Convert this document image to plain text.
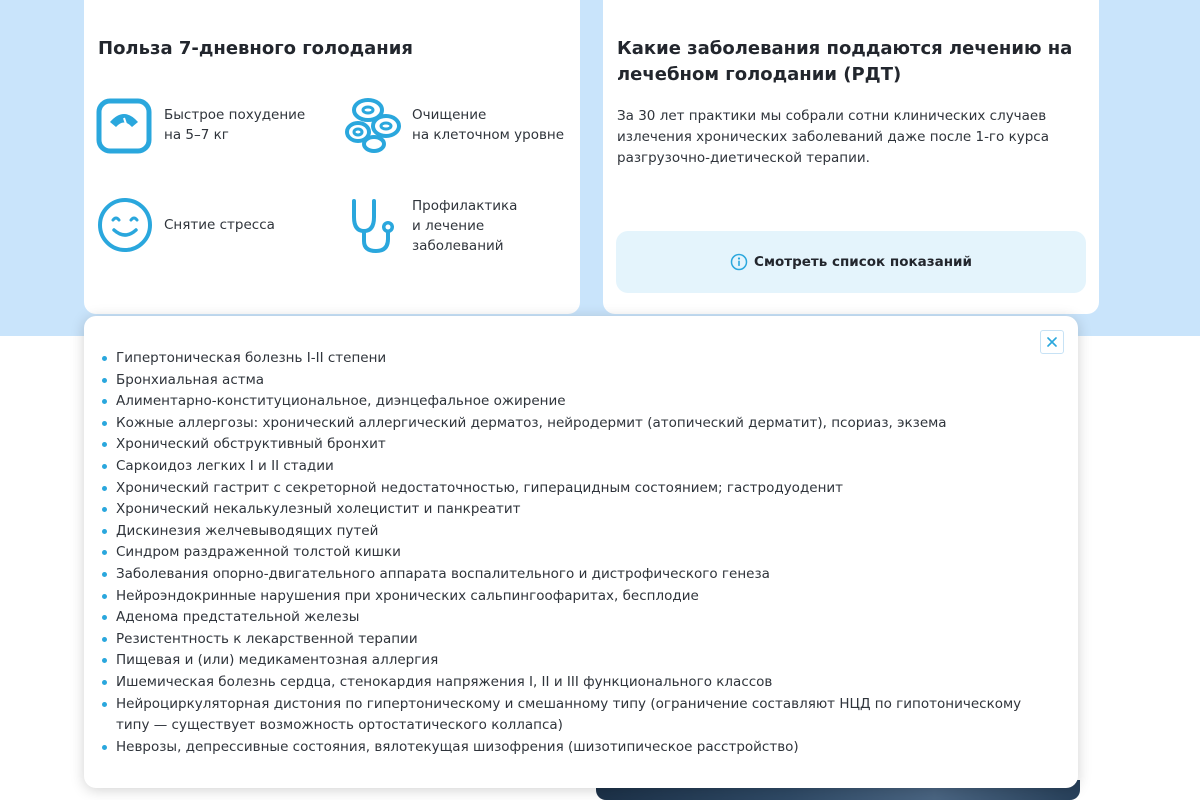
Польза 7-дневного голодания
Быстрое похудение
на 5–7 кг
Очищение
на клеточном уровне
Снятие стресса
Профилактика
и лечение
заболеваний
Какие заболевания поддаются лечению на лечебном голодании (РДТ)
За 30 лет практики мы собрали сотни клинических случаев излечения хронических заболеваний даже после 1-го курса разгрузочно-диетической терапии.
Смотреть список показаний
Гипертоническая болезнь I-II степени
Бронхиальная астма
Алиментарно-конституциональное, диэнцефальное ожирение
Кожные аллергозы: хронический аллергический дерматоз, нейродермит (атопический дерматит), псориаз, экзема
Хронический обструктивный бронхит
Саркоидоз легких I и II стадии
Хронический гастрит с секреторной недостаточностью, гиперацидным состоянием; гастродуоденит
Хронический некалькулезный холецистит и панкреатит
Дискинезия желчевыводящих путей
Синдром раздраженной толстой кишки
Заболевания опорно-двигательного аппарата воспалительного и дистрофического генеза
Нейроэндокринные нарушения при хронических сальпингоофаритах, бесплодие
Аденома предстательной железы
Резистентность к лекарственной терапии
Пищевая и (или) медикаментозная аллергия
Ишемическая болезнь сердца, стенокардия напряжения I, II и III функционального классов
Нейроциркуляторная дистония по гипертоническому и смешанному типу (ограничение составляют НЦД по гипотоническому типу — существует возможность ортостатического коллапса)
Неврозы, депрессивные состояния, вялотекущая шизофрения (шизотипическое расстройство)
